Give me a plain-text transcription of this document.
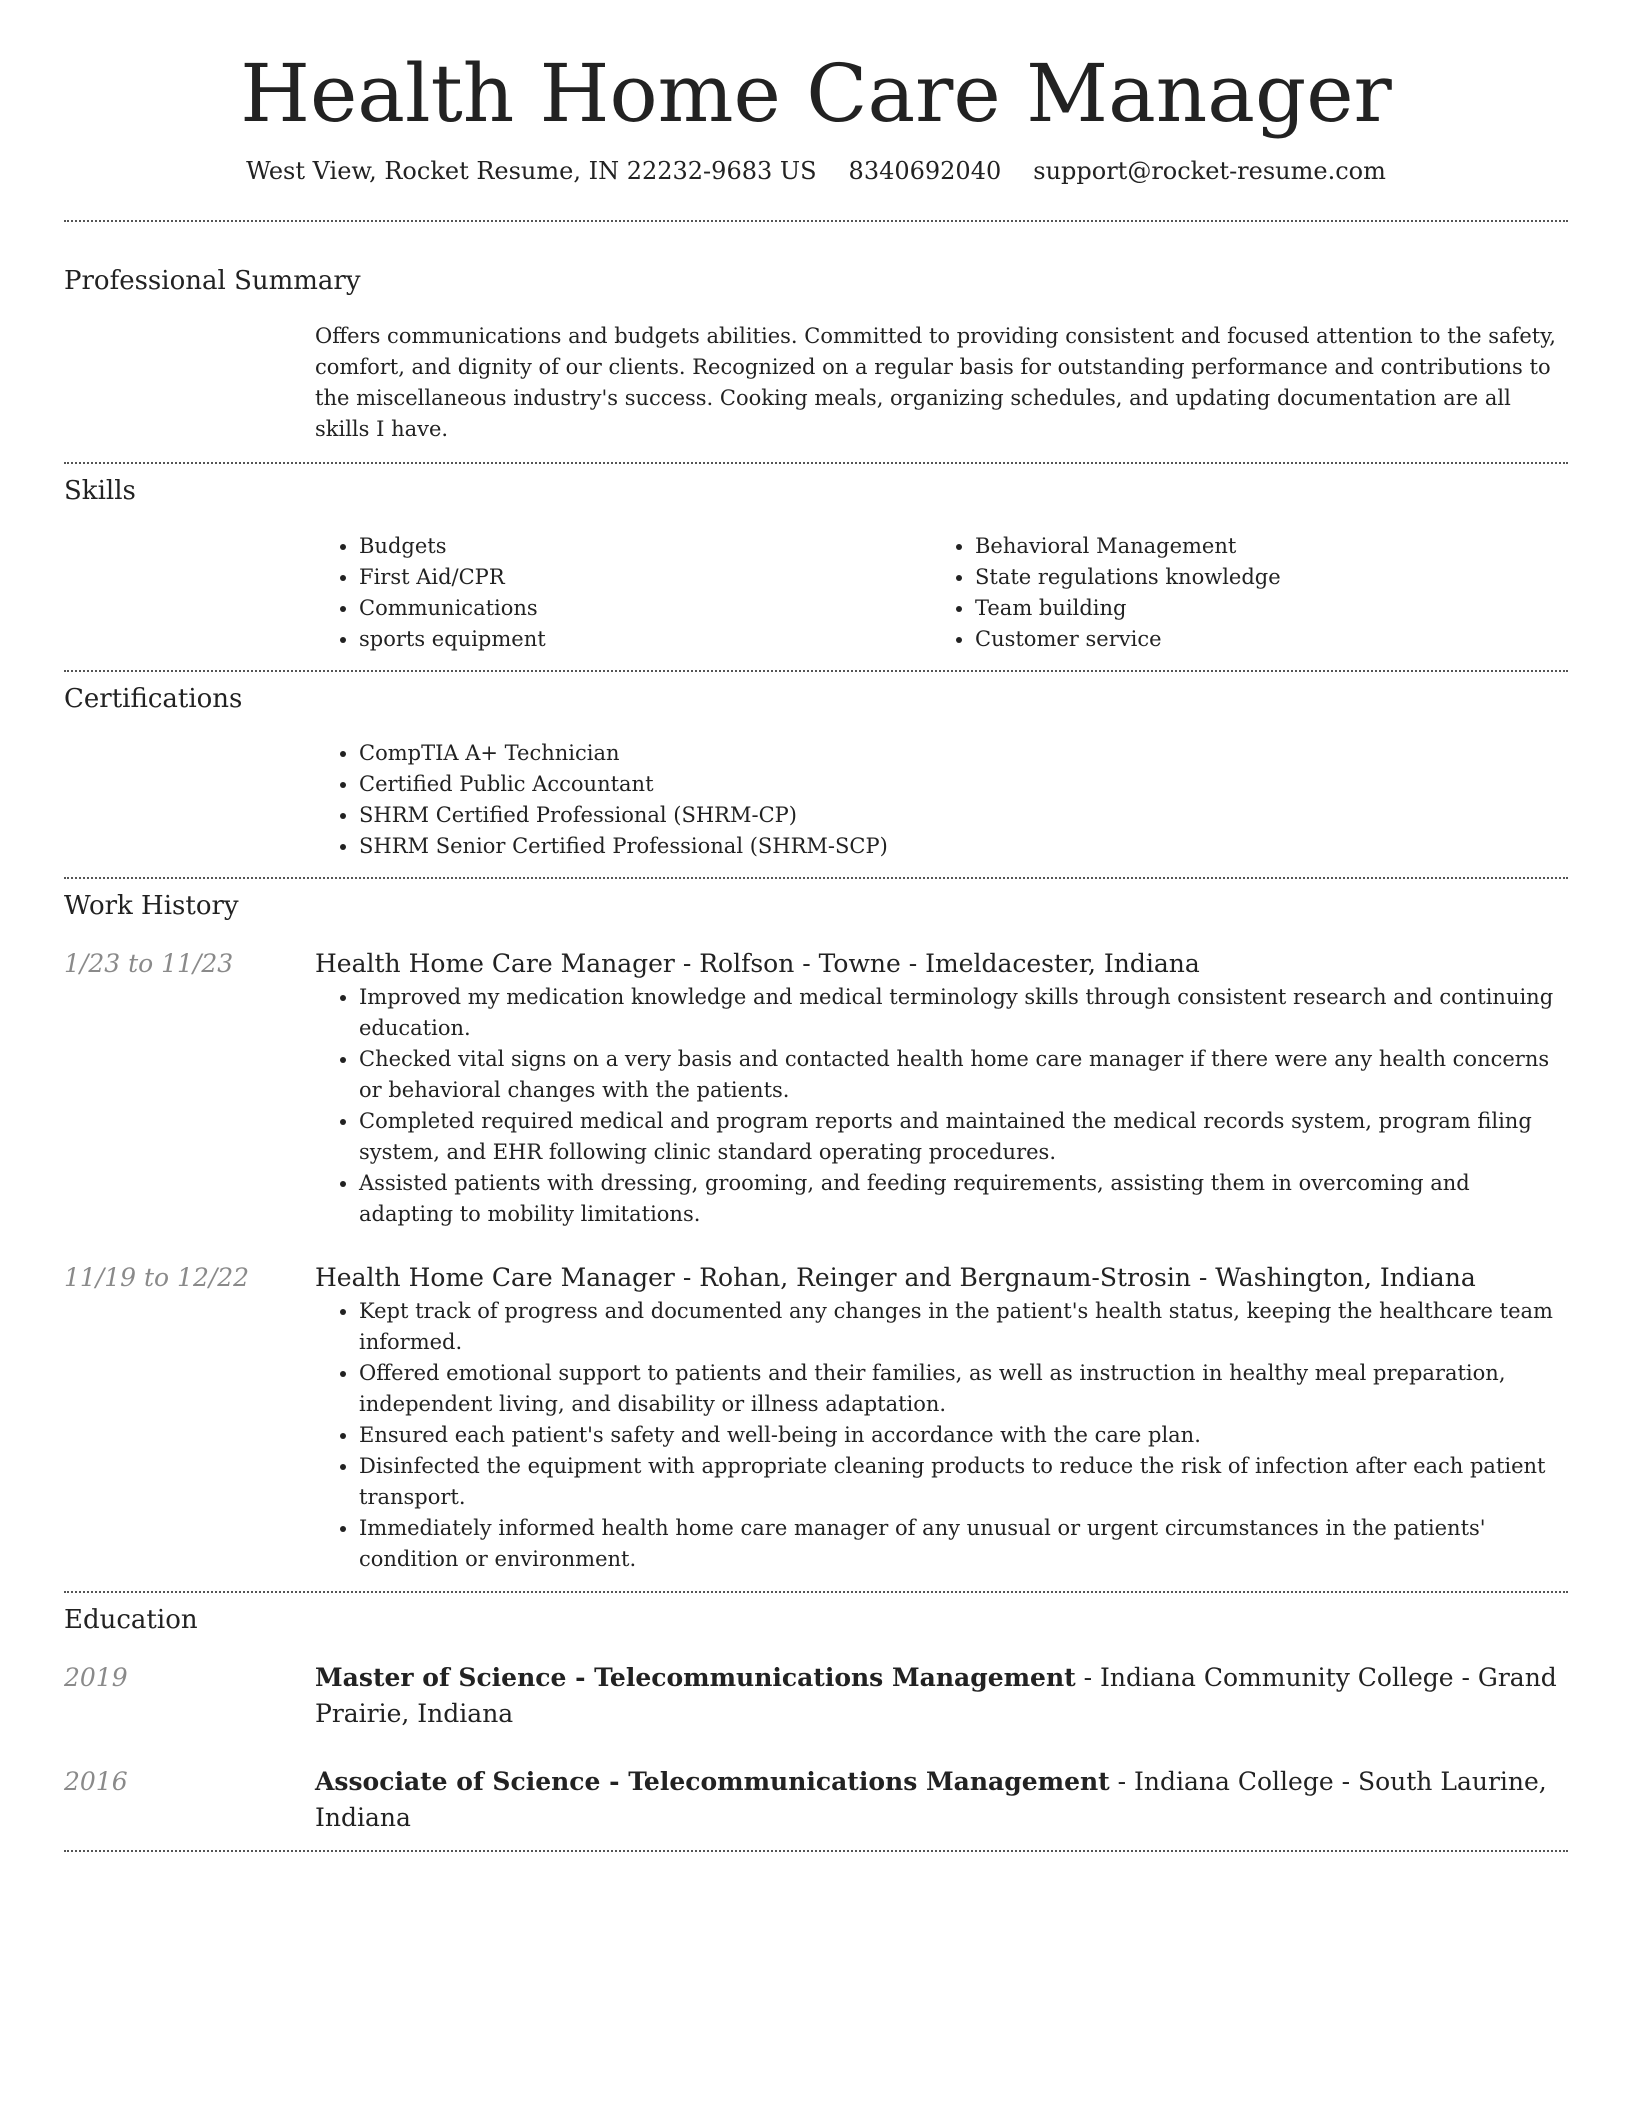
Health Home Care Manager
West View, Rocket Resume, IN 22232-9683 US 8340692040 support@rocket-resume.com
Professional Summary

Offers communications and budgets abilities. Committed to providing consistent and focused attention to the safety, comfort, and dignity of our clients. Recognized on a regular basis for outstanding performance and contributions to the miscellaneous industry's success. Cooking meals, organizing schedules, and updating documentation are all skills I have.

Skills
• Budgets
• First Aid/CPR
• Communications
• sports equipment
• Behavioral Management
• State regulations knowledge
• Team building
• Customer service
Certifications
• CompTIA A+ Technician
• Certified Public Accountant
• SHRM Certified Professional (SHRM-CP)
• SHRM Senior Certified Professional (SHRM-SCP)
Work History
1/23 to 11/23	Health Home Care Manager - Rolfson - Towne - Imeldacester, Indiana
• Improved my medication knowledge and medical terminology skills through consistent research and continuing education.
• Checked vital signs on a very basis and contacted health home care manager if there were any health concerns or behavioral changes with the patients.
• Completed required medical and program reports and maintained the medical records system, program filing system, and EHR following clinic standard operating procedures.
• Assisted patients with dressing, grooming, and feeding requirements, assisting them in overcoming and adapting to mobility limitations.
11/19 to 12/22	Health Home Care Manager - Rohan, Reinger and Bergnaum-Strosin - Washington, Indiana
• Kept track of progress and documented any changes in the patient's health status, keeping the healthcare team informed.
• Offered emotional support to patients and their families, as well as instruction in healthy meal preparation, independent living, and disability or illness adaptation.
• Ensured each patient's safety and well-being in accordance with the care plan.
• Disinfected the equipment with appropriate cleaning products to reduce the risk of infection after each patient transport.
• Immediately informed health home care manager of any unusual or urgent circumstances in the patients' condition or environment.
Education
2019	Master of Science - Telecommunications Management - Indiana Community College - Grand Prairie, Indiana
2016	Associate of Science - Telecommunications Management - Indiana College - South Laurine, Indiana
